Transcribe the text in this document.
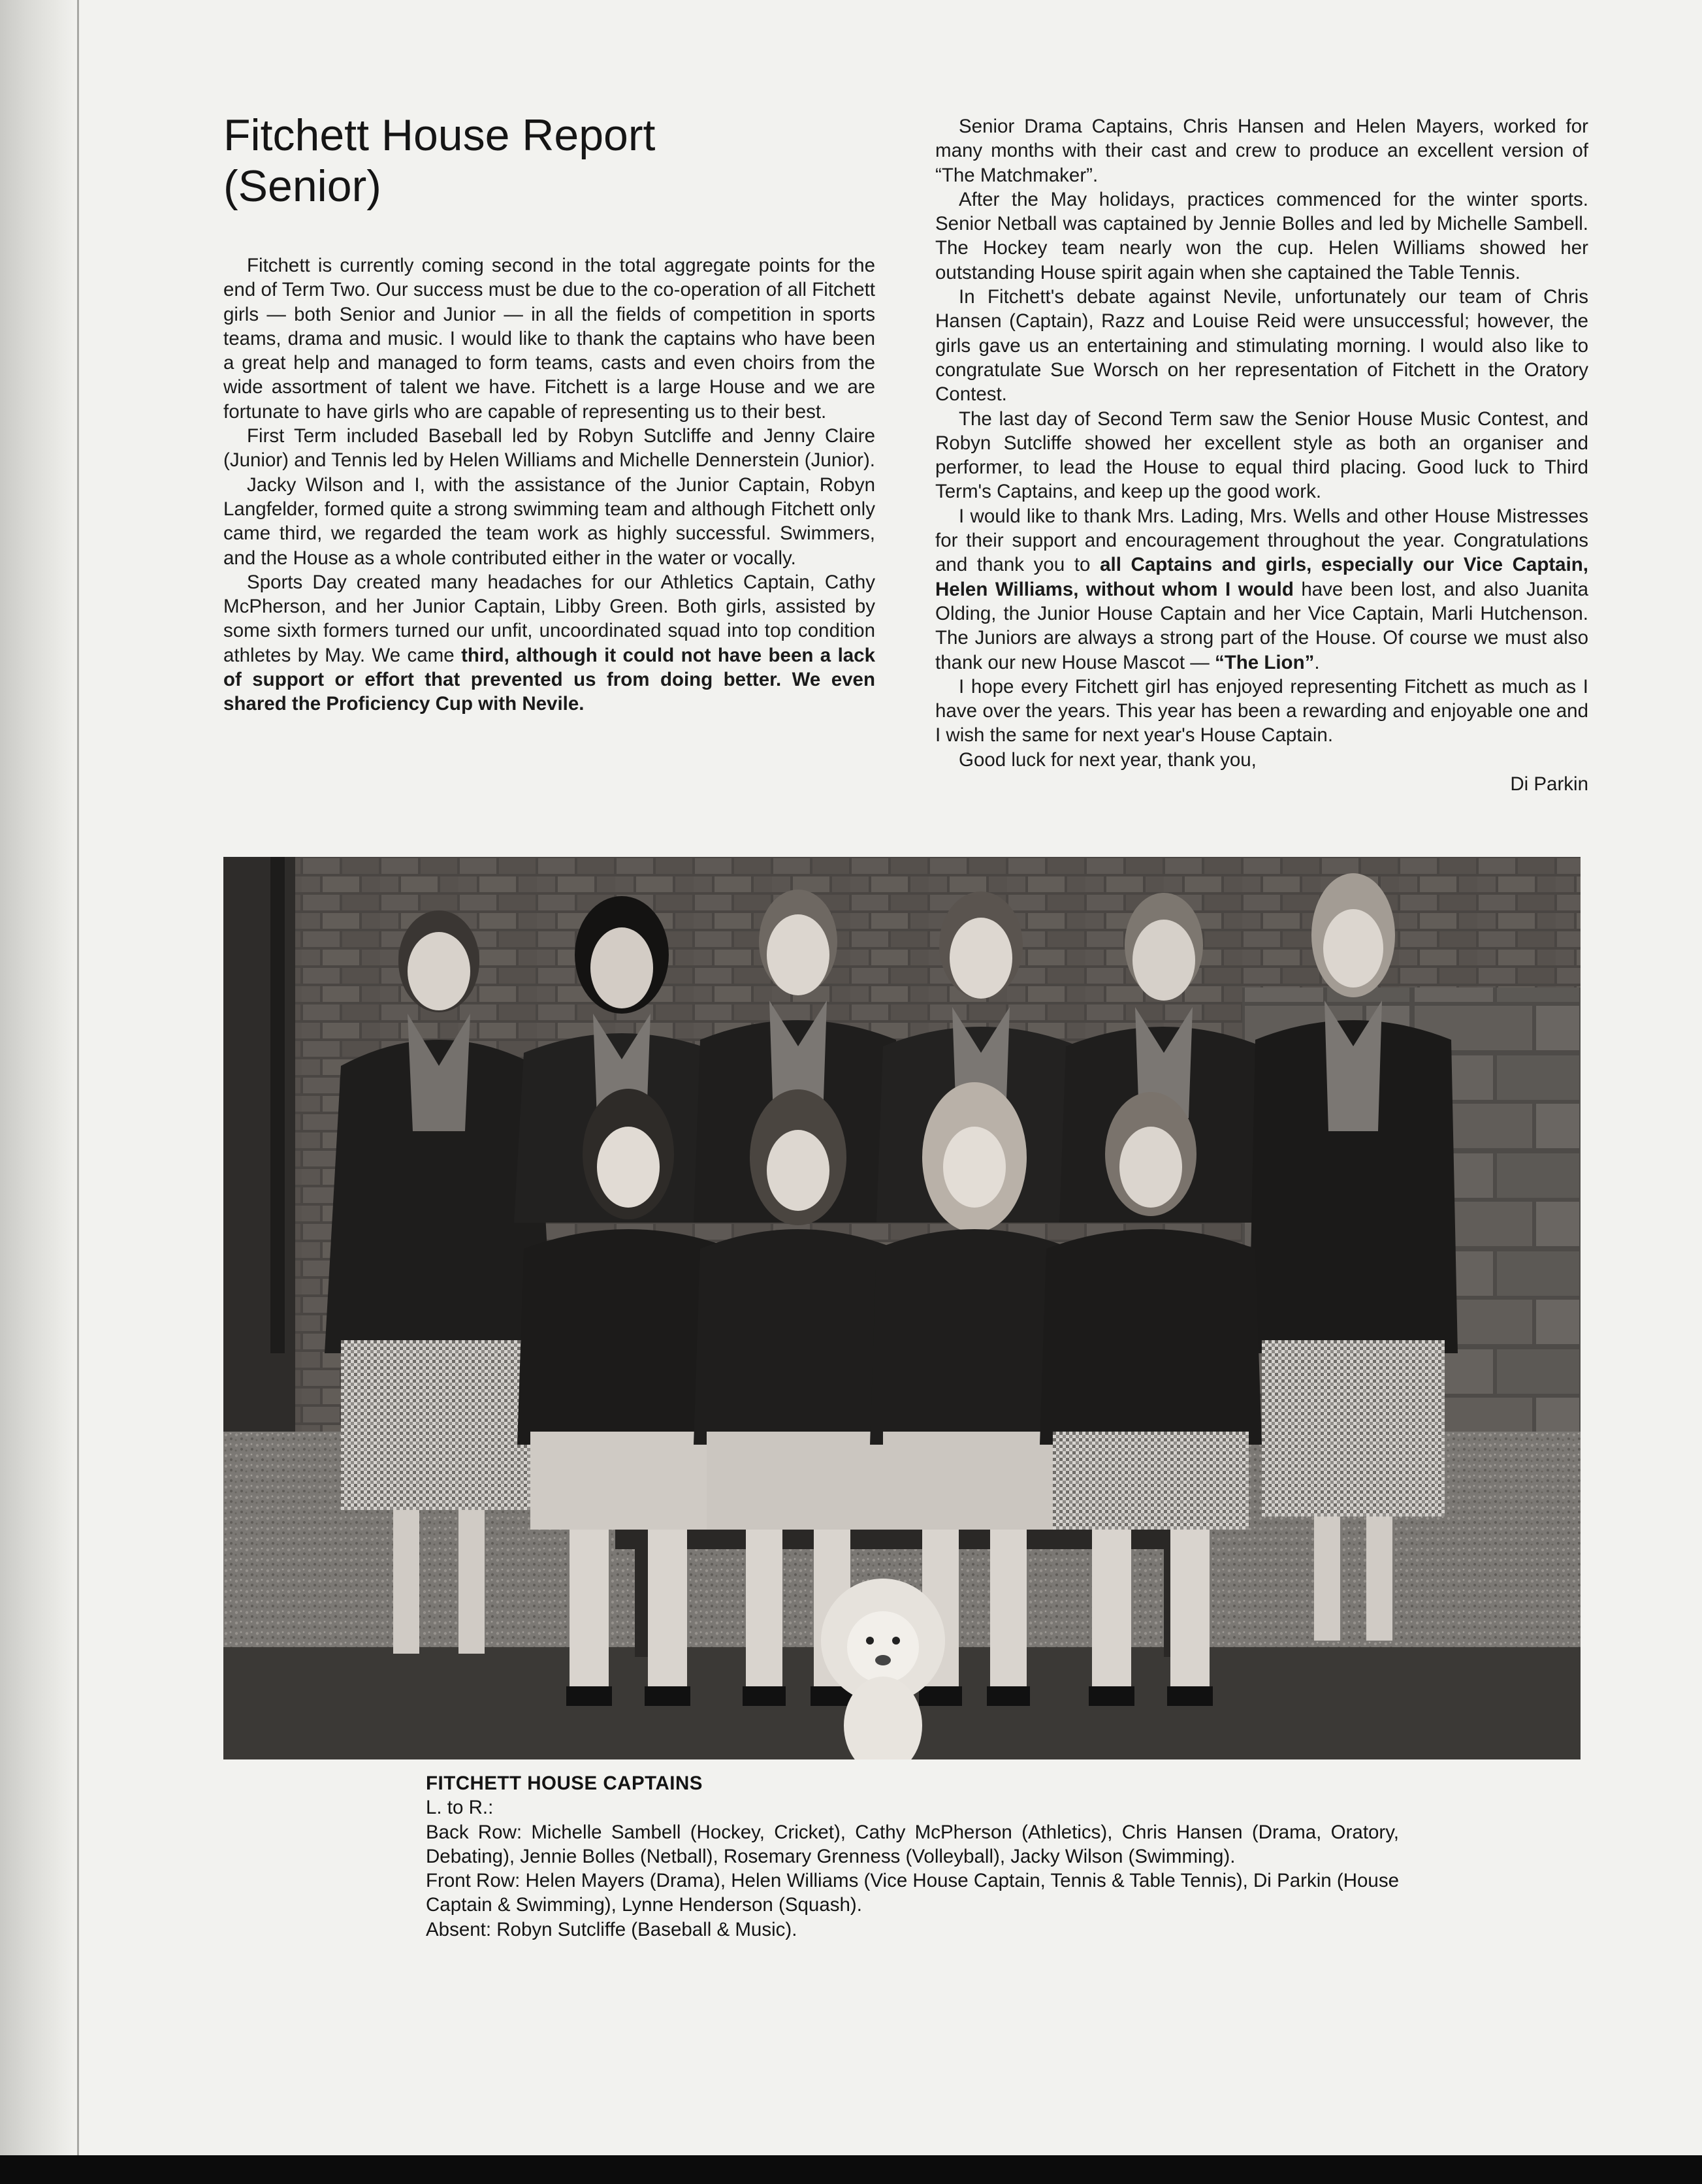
Fitchett House Report
(Senior)

Fitchett is currently coming second in the total aggregate points for the end of Term Two. Our success must be due to the co-operation of all Fitchett girls — both Senior and Junior — in all the fields of competition in sports teams, drama and music. I would like to thank the captains who have been a great help and managed to form teams, casts and even choirs from the wide assortment of talent we have. Fitchett is a large House and we are fortunate to have girls who are capable of representing us to their best.

First Term included Baseball led by Robyn Sutcliffe and Jenny Claire (Junior) and Tennis led by Helen Williams and Michelle Dennerstein (Junior).

Jacky Wilson and I, with the assistance of the Junior Captain, Robyn Langfelder, formed quite a strong swimming team and although Fitchett only came third, we regarded the team work as highly successful. Swimmers, and the House as a whole contributed either in the water or vocally.

Sports Day created many headaches for our Athletics Captain, Cathy McPherson, and her Junior Captain, Libby Green. Both girls, assisted by some sixth formers turned our unfit, uncoordinated squad into top condition athletes by May. We came third, although it could not have been a lack of support or effort that prevented us from doing better. We even shared the Proficiency Cup with Nevile.

Senior Drama Captains, Chris Hansen and Helen Mayers, worked for many months with their cast and crew to produce an excellent version of “The Matchmaker”.

After the May holidays, practices commenced for the winter sports. Senior Netball was captained by Jennie Bolles and led by Michelle Sambell. The Hockey team nearly won the cup. Helen Williams showed her outstanding House spirit again when she captained the Table Tennis.

In Fitchett's debate against Nevile, unfortunately our team of Chris Hansen (Captain), Razz and Louise Reid were unsuccessful; however, the girls gave us an entertaining and stimulating morning. I would also like to congratulate Sue Worsch on her representation of Fitchett in the Oratory Contest.

The last day of Second Term saw the Senior House Music Contest, and Robyn Sutcliffe showed her excellent style as both an organiser and performer, to lead the House to equal third placing. Good luck to Third Term's Captains, and keep up the good work.

I would like to thank Mrs. Lading, Mrs. Wells and other House Mistresses for their support and encouragement throughout the year. Congratulations and thank you to all Captains and girls, especially our Vice Captain, Helen Williams, without whom I would have been lost, and also Juanita Olding, the Junior House Captain and her Vice Captain, Marli Hutchenson. The Juniors are always a strong part of the House. Of course we must also thank our new House Mascot — “The Lion”.

I hope every Fitchett girl has enjoyed representing Fitchett as much as I have over the years. This year has been a rewarding and enjoyable one and I wish the same for next year's House Captain.

Good luck for next year, thank you,

Di Parkin

FITCHETT HOUSE CAPTAINS
L. to R.:
Back Row: Michelle Sambell (Hockey, Cricket), Cathy McPherson (Athletics), Chris Hansen (Drama, Oratory, Debating), Jennie Bolles (Netball), Rosemary Grenness (Volleyball), Jacky Wilson (Swimming).
Front Row: Helen Mayers (Drama), Helen Williams (Vice House Captain, Tennis & Table Tennis), Di Parkin (House Captain & Swimming), Lynne Henderson (Squash).
Absent: Robyn Sutcliffe (Baseball & Music).
